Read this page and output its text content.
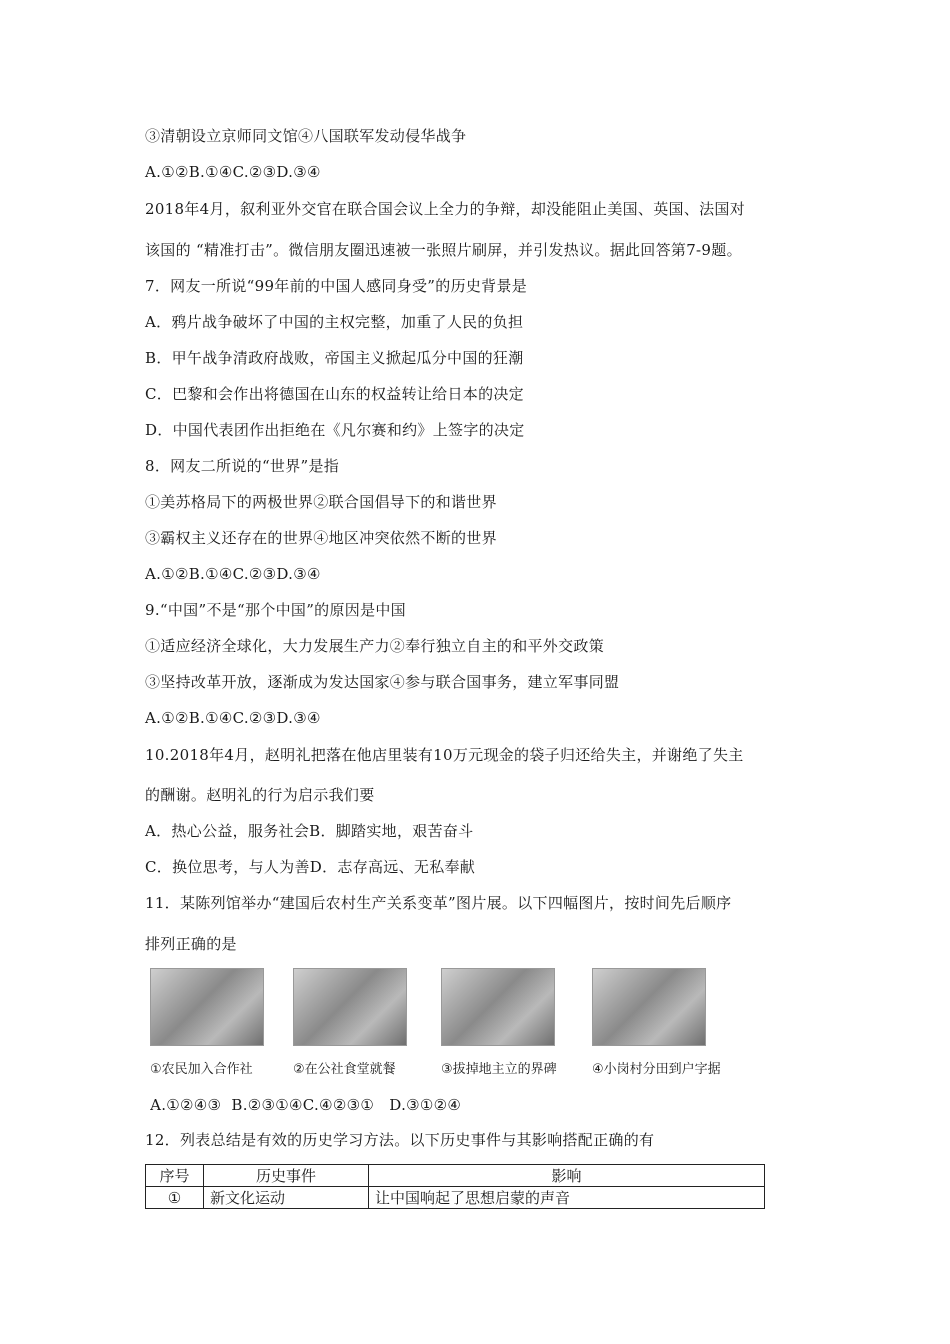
③清朝设立京师同文馆④八国联军发动侵华战争
A.①②B.①④C.②③D.③④
2018年4月，叙利亚外交官在联合国会议上全力的争辩，却没能阻止美国、英国、法国对
该国的 “精准打击”。微信朋友圈迅速被一张照片刷屏，并引发热议。据此回答第7-9题。
7．网友一所说“99年前的中国人感同身受”的历史背景是
A．鸦片战争破坏了中国的主权完整，加重了人民的负担
B．甲午战争清政府战败，帝国主义掀起瓜分中国的狂潮
C．巴黎和会作出将德国在山东的权益转让给日本的决定
D．中国代表团作出拒绝在《凡尔赛和约》上签字的决定
8．网友二所说的“世界”是指
①美苏格局下的两极世界②联合国倡导下的和谐世界
③霸权主义还存在的世界④地区冲突依然不断的世界
A.①②B.①④C.②③D.③④
9.“中国”不是“那个中国”的原因是中国
①适应经济全球化，大力发展生产力②奉行独立自主的和平外交政策
③坚持改革开放，逐渐成为发达国家④参与联合国事务，建立军事同盟
A.①②B.①④C.②③D.③④
10.2018年4月，赵明礼把落在他店里装有10万元现金的袋子归还给失主，并谢绝了失主
的酬谢。赵明礼的行为启示我们要
A．热心公益，服务社会B．脚踏实地，艰苦奋斗
C．换位思考，与人为善D．志存高远、无私奉献
11．某陈列馆举办“建国后农村生产关系变革”图片展。以下四幅图片，按时间先后顺序
排列正确的是
①农民加入合作社	②在公社食堂就餐	③拔掉地主立的界碑	④小岗村分田到户字据
A.①②④③  B.②③①④C.④②③①   D.③①②④
12．列表总结是有效的历史学习方法。以下历史事件与其影响搭配正确的有
序号	历史事件	影响
①	新文化运动	让中国响起了思想启蒙的声音
